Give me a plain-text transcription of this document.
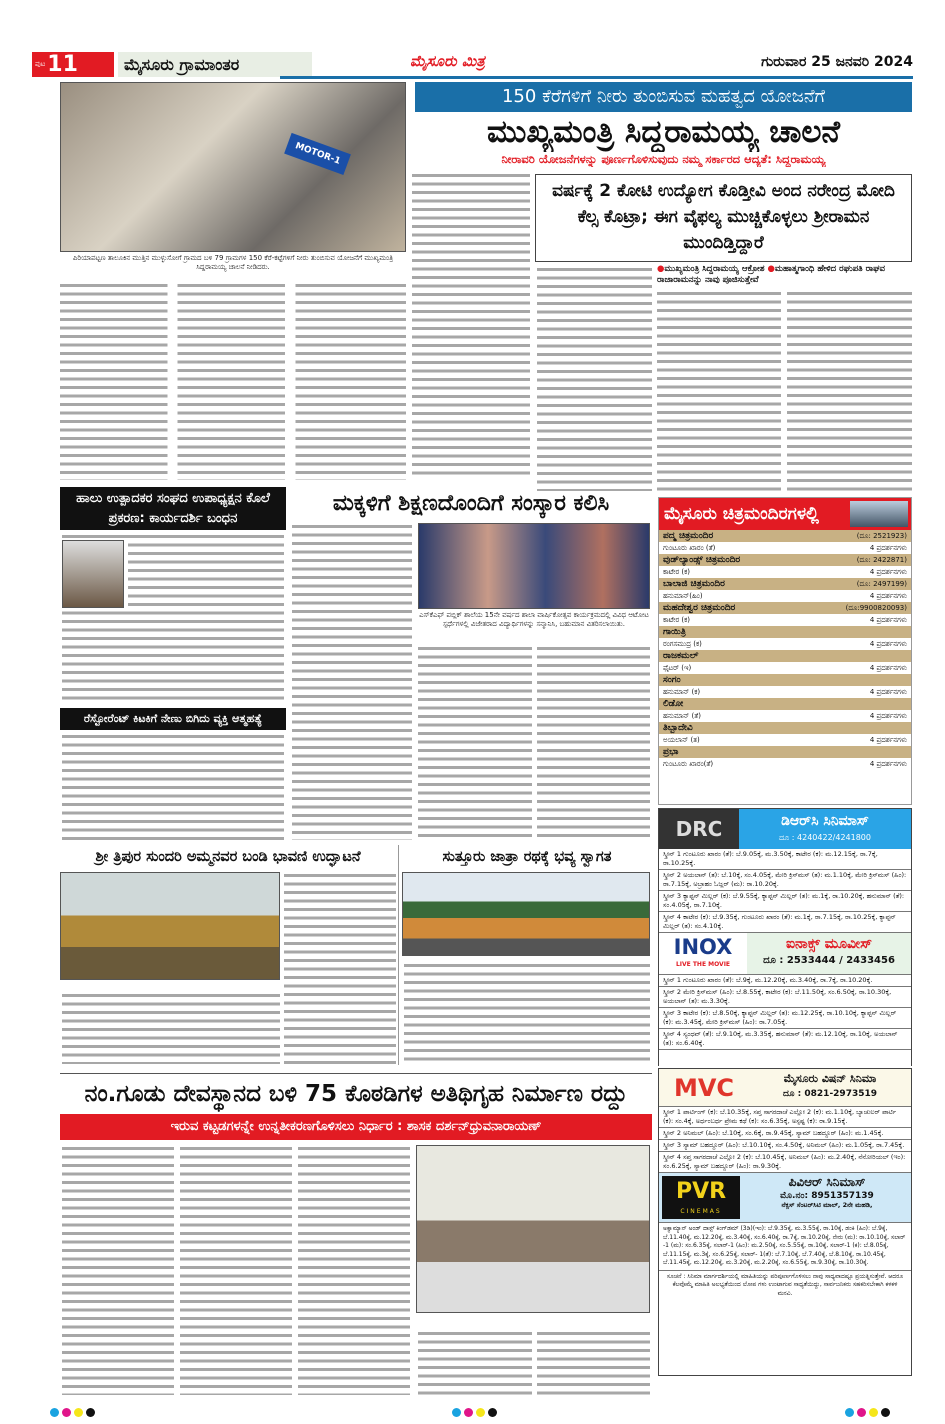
ಪುಟ 11	ಮೈಸೂರು ಗ್ರಾಮಾಂತರ	ಮೈಸೂರು ಮಿತ್ರ	ಗುರುವಾರ 25 ಜನವರಿ 2024
MOTOR-1
ಪಿರಿಯಾಪಟ್ಟಣ ತಾಲೂಕಿನ ಮುತ್ತಿನ ಮುಳ್ಳುಸೋಗೆ ಗ್ರಾಮದ ಬಳಿ 79 ಗ್ರಾಮಗಳ 150 ಕೆರೆ-ಕಟ್ಟೆಗಳಿಗೆ ನೀರು ತುಂಬಿಸುವ ಯೋಜನೆಗೆ ಮುಖ್ಯಮಂತ್ರಿ ಸಿದ್ದರಾಮಯ್ಯ ಚಾಲನೆ ನೀಡಿದರು.
150 ಕೆರೆಗಳಿಗೆ ನೀರು ತುಂಬಿಸುವ ಮಹತ್ವದ ಯೋಜನೆಗೆ
ಮುಖ್ಯಮಂತ್ರಿ ಸಿದ್ದರಾಮಯ್ಯ ಚಾಲನೆ
ನೀರಾವರಿ ಯೋಜನೆಗಳನ್ನು ಪೂರ್ಣಗೊಳಿಸುವುದು ನಮ್ಮ ಸರ್ಕಾರದ ಆದ್ಯತೆ: ಸಿದ್ದರಾಮಯ್ಯ
ವರ್ಷಕ್ಕೆ 2 ಕೋಟಿ ಉದ್ಯೋಗ ಕೊಡ್ತೀವಿ ಅಂದ ನರೇಂದ್ರ ಮೋದಿ ಕೆಲ್ಸ ಕೊಟ್ರಾ; ಈಗ ವೈಫಲ್ಯ ಮುಚ್ಚಿಕೊಳ್ಳಲು ಶ್ರೀರಾಮನ ಮುಂದಿಡ್ತಿದ್ದಾರೆ
●ಮುಖ್ಯಮಂತ್ರಿ ಸಿದ್ದರಾಮಯ್ಯ ಆಕ್ರೋಶ ●ಮಹಾತ್ಮಗಾಂಧಿ ಹೇಳಿದ ರಘುಪತಿ ರಾಘವ ರಾಜಾರಾಮನನ್ನು ನಾವು ಪೂಜಿಸುತ್ತೇವೆ
ಹಾಲು ಉತ್ಪಾದಕರ ಸಂಘದ ಉಪಾಧ್ಯಕ್ಷನ ಕೊಲೆ ಪ್ರಕರಣ: ಕಾರ್ಯದರ್ಶಿ ಬಂಧನ
ರೆಸ್ಟೋರೆಂಟ್ ಕಿಟಕಿಗೆ ನೇಣು ಬಿಗಿದು ವ್ಯಕ್ತಿ ಆತ್ಮಹತ್ಯೆ
ಮಕ್ಕಳಿಗೆ ಶಿಕ್ಷಣದೊಂದಿಗೆ ಸಂಸ್ಕಾರ ಕಲಿಸಿ
ಎಸ್‌ಕೆಎಫ್ ಪಬ್ಲಿಕ್ ಶಾಲೆಯ 15ನೇ ವರ್ಷದ ಶಾಲಾ ವಾರ್ಷಿಕೋತ್ಸವ ಕಾರ್ಯಕ್ರಮದಲ್ಲಿ ವಿವಿಧ ಆಟೋಟ ಸ್ಪರ್ಧೆಗಳಲ್ಲಿ ವಿಜೇತರಾದ ವಿದ್ಯಾರ್ಥಿಗಳನ್ನು ಸನ್ಮಾನಿಸಿ, ಬಹುಮಾನ ವಿತರಿಸಲಾಯಿತು.
ಶ್ರೀ ತ್ರಿಪುರ ಸುಂದರಿ ಅಮ್ಮನವರ ಬಂಡಿ ಭಾವಣಿ ಉದ್ಘಾಟನೆ	ಸುತ್ತೂರು ಜಾತ್ರಾ ರಥಕ್ಕೆ ಭವ್ಯ ಸ್ವಾಗತ
ನಂ.ಗೂಡು ದೇವಸ್ಥಾನದ ಬಳಿ 75 ಕೊಠಡಿಗಳ ಅತಿಥಿಗೃಹ ನಿರ್ಮಾಣ ರದ್ದು
ಇರುವ ಕಟ್ಟಡಗಳನ್ನೇ ಉನ್ನತೀಕರಣಗೊಳಿಸಲು ನಿರ್ಧಾರ : ಶಾಸಕ ದರ್ಶನ್‌ಧ್ರುವನಾರಾಯಣ್
ಮೈಸೂರು ಚಿತ್ರಮಂದಿರಗಳಲ್ಲಿ
ಪದ್ಮ ಚಿತ್ರಮಂದಿರ	(ದೂ: 2521923)
ಗುಂಟೂರು ಖಾರಂ (ತೆ)	4 ಪ್ರದರ್ಶನಗಳು
ವುಡ್‌ಲ್ಯಾಂಡ್ಸ್ ಚಿತ್ರಮಂದಿರ	(ದೂ: 2422871)
ಕಾಟೇರ (ಕ)	4 ಪ್ರದರ್ಶನಗಳು
ಬಾಲಾಜಿ ಚಿತ್ರಮಂದಿರ	(ದೂ: 2497199)
ಹನುಮಾನ್(ಹಿಂ)	4 ಪ್ರದರ್ಶನಗಳು
ಮಹದೇಶ್ವರ ಚಿತ್ರಮಂದಿರ	(ದೂ:9900820093)
ಕಾಟೇರ (ಕ)	4 ಪ್ರದರ್ಶನಗಳು
ಗಾಯಿತ್ರಿ
ರಂಗಸಮುದ್ರ (ಕ)	4 ಪ್ರದರ್ಶನಗಳು
ರಾಜಕಮಲ್
ಫೈಟರ್ (ಇ)	4 ಪ್ರದರ್ಶನಗಳು
ಸಂಗಂ
ಹನುಮಾನ್ (ಕ)	4 ಪ್ರದರ್ಶನಗಳು
ಲಿಡೋ
ಹನುಮಾನ್ (ತೆ)	4 ಪ್ರದರ್ಶನಗಳು
ತಿಬ್ಬಾದೇವಿ
ಅಯಲಾನ್ (ತ)	4 ಪ್ರದರ್ಶನಗಳು
ಪ್ರಭಾ
ಗುಂಟೂರು ಖಾರಂ(ತೆ)	4 ಪ್ರದರ್ಶನಗಳು
DRC	ಡಿಆರ್‌ಸಿ ಸಿನಿಮಾಸ್
ದೂ : 4240422/4241800
ಸ್ಕ್ರೀನ್ 1 ಗುಂಟೂರು ಖಾರಂ (ತೆ): ಬೆ.9.05ಕ್ಕೆ, ಮ.3.50ಕ್ಕೆ, ಕಾಟೇರ (ಕ): ಮ.12.15ಕ್ಕೆ, ರಾ.7ಕ್ಕೆ, ರಾ.10.25ಕ್ಕೆ.
ಸ್ಕ್ರೀನ್ 2 ಅಯಲಾನ್ (ತ): ಬೆ.10ಕ್ಕೆ, ಸಂ.4.05ಕ್ಕೆ, ಮೇರಿ ಕ್ರಿಸ್‌ಮಸ್ (ತ): ಮ.1.10ಕ್ಕೆ, ಮೇರಿ ಕ್ರಿಸ್‌ಮಸ್ (ಹಿಂ): ರಾ.7.15ಕ್ಕೆ, ಅಬ್ರಾಹಂ ಓಜ್ಲರ್ (ಮ): ರಾ.10.20ಕ್ಕೆ.
ಸ್ಕ್ರೀನ್ 3 ಕ್ಯಾಪ್ಟನ್ ಮಿಲ್ಲರ್ (ಕ): ಬೆ.9.55ಕ್ಕೆ, ಕ್ಯಾಪ್ಟನ್ ಮಿಲ್ಲರ್ (ತ): ಮ.1ಕ್ಕೆ, ರಾ.10.20ಕ್ಕೆ, ಹನುಮಾನ್ (ತೆ): ಸಂ.4.05ಕ್ಕೆ, ರಾ.7.10ಕ್ಕೆ.
ಸ್ಕ್ರೀನ್ 4 ಕಾಟೇರ (ಕ): ಬೆ.9.35ಕ್ಕೆ, ಗುಂಟೂರು ಖಾರಂ (ತೆ): ಮ.1ಕ್ಕೆ, ರಾ.7.15ಕ್ಕೆ, ರಾ.10.25ಕ್ಕೆ, ಕ್ಯಾಪ್ಟನ್ ಮಿಲ್ಲರ್ (ತ): ಸಂ.4.10ಕ್ಕೆ.
INOX
LIVE THE MOVIE
ಐನಾಕ್ಸ್ ಮೂವೀಸ್
ದೂ : 2533444 / 2433456
ಸ್ಕ್ರೀನ್ 1 ಗುಂಟೂರು ಖಾರಂ (ತೆ): ಬೆ.9ಕ್ಕೆ, ಮ.12.20ಕ್ಕೆ, ಮ.3.40ಕ್ಕೆ, ರಾ.7ಕ್ಕೆ, ರಾ.10.20ಕ್ಕೆ.
ಸ್ಕ್ರೀನ್ 2 ಮೇರಿ ಕ್ರಿಸ್‌ಮಸ್ (ಹಿಂ): ಬೆ.8.55ಕ್ಕೆ, ಕಾಟೇರ (ಕ): ಬೆ.11.50ಕ್ಕೆ, ಸಂ.6.50ಕ್ಕೆ, ರಾ.10.30ಕ್ಕೆ, ಅಯಲಾನ್ (ತ): ಮ.3.30ಕ್ಕೆ.
ಸ್ಕ್ರೀನ್ 3 ಕಾಟೇರ (ಕ): ಬೆ.8.50ಕ್ಕೆ, ಕ್ಯಾಪ್ಟನ್ ಮಿಲ್ಲರ್ (ತ): ಮ.12.25ಕ್ಕೆ, ರಾ.10.10ಕ್ಕೆ, ಕ್ಯಾಪ್ಟನ್ ಮಿಲ್ಲರ್ (ಕ): ಮ.3.45ಕ್ಕೆ, ಮೇರಿ ಕ್ರಿಸ್‌ಮಸ್ (ಹಿಂ): ರಾ.7.05ಕ್ಕೆ.
ಸ್ಕ್ರೀನ್ 4 ಸ್ಯಂಧವ್ (ತೆ): ಬೆ.9.10ಕ್ಕೆ, ಮ.3.35ಕ್ಕೆ, ಹನುಮಾನ್ (ತೆ): ಮ.12.10ಕ್ಕೆ, ರಾ.10ಕ್ಕೆ, ಅಯಲಾನ್ (ತ): ಸಂ.6.40ಕ್ಕೆ.
MVC	ಮೈಸೂರು ವಿಷನ್ ಸಿನಿಮಾ
ದೂ : 0821-2973519
ಸ್ಕ್ರೀನ್ 1 ಪಾರ್ಟಿಂಗ್ (ಕ): ಬೆ.10.35ಕ್ಕೆ, ಸಪ್ತ ಸಾಗರದಾಚೆ ಎಲ್ಲೋ 2 (ಕ): ಮ.1.10ಕ್ಕೆ, ಬ್ಯಾಚುಲರ್ ಪಾರ್ಟಿ (ಕ): ಸಂ.4ಕ್ಕೆ, ಅರ್ಧಂಬರ್ಧ ಪ್ರೇಮ ಕಥೆ (ಕ): ಸಂ.6.35ಕ್ಕೆ, ಅಸ್ಪಷ್ಟ (ಕ): ರಾ.9.15ಕ್ಕೆ.
ಸ್ಕ್ರೀನ್ 2 ಅನಿಮಲ್ (ಹಿಂ): ಬೆ.10ಕ್ಕೆ, ಸಂ.6ಕ್ಕೆ, ರಾ.9.45ಕ್ಕೆ, ಸ್ಯಾಮ್ ಬಹದ್ದೂರ್ (ಹಿಂ): ಮ.1.45ಕ್ಕೆ.
ಸ್ಕ್ರೀನ್ 3 ಸ್ಯಾಮ್ ಬಹದ್ದೂರ್ (ಹಿಂ): ಬೆ.10.10ಕ್ಕೆ, ಸಂ.4.50ಕ್ಕೆ, ಅನಿಮಲ್ (ಹಿಂ): ಮ.1.05ಕ್ಕೆ, ರಾ.7.45ಕ್ಕೆ.
ಸ್ಕ್ರೀನ್ 4 ಸಪ್ತ ಸಾಗರದಾಚೆ ಎಲ್ಲೋ 2 (ಕ): ಬೆ.10.45ಕ್ಕೆ, ಅನಿಮಲ್ (ಹಿಂ): ಮ.2.40ಕ್ಕೆ, ನೆನೋರಿಯಲ್ (ಇಂ): ಸಂ.6.25ಕ್ಕೆ, ಸ್ಯಾಮ್ ಬಹದ್ದೂರ್ (ಹಿಂ): ರಾ.9.30ಕ್ಕೆ.
PVR
CINEMAS
ಪಿವಿಆರ್ ಸಿನಿಮಾಸ್
ಮೊ.ನಂ: 8951357139
ನೆಕ್ಸಸ್ ಸೆಂಟರ್‌ಸಿಟಿ ಮಾಲ್, 2ನೇ ಮಹಡಿ,
ಅಕ್ವಾಮ್ಯಾನ್ ಅಂಡ್ ದಾಸ್ಟ್ ಕಿಂಗ್‌ಡಮ್ (3ಡಿ)(ಇಂ): ಬೆ.9.35ಕ್ಕೆ, ಮ.3.55ಕ್ಕೆ, ರಾ.10ಕ್ಕೆ, ಡಂಕಿ (ಹಿಂ): ಬೆ.9ಕ್ಕೆ, ಬೆ.11.40ಕ್ಕೆ, ಮ.12.20ಕ್ಕೆ, ಮ.3.40ಕ್ಕೆ, ಸಂ.6.40ಕ್ಕೆ, ರಾ.7ಕ್ಕೆ, ರಾ.10.20ಕ್ಕೆ, ನೇರು (ಮ): ರಾ.10.10ಕ್ಕೆ, ಸಲಾರ್ -1 (ಮ): ಸಂ.6.35ಕ್ಕೆ, ಸಲಾರ್-1 (ಹಿಂ): ಮ.2.50ಕ್ಕೆ, ಸಂ.5.55ಕ್ಕೆ, ರಾ.10ಕ್ಕೆ, ಸಲಾರ್-1 (ಕ): ಬೆ.8.05ಕ್ಕೆ, ಬೆ.11.15ಕ್ಕೆ, ಮ.3ಕ್ಕೆ, ಸಂ.6.25ಕ್ಕೆ, ಸಲಾರ್- 1(ತೆ): ಬೆ.7.10ಕ್ಕೆ, ಬೆ.7.40ಕ್ಕೆ, ಬೆ.8.10ಕ್ಕೆ, ರಾ.10.45ಕ್ಕೆ, ಬೆ.11.45ಕ್ಕೆ, ಮ.12.20ಕ್ಕೆ, ಮ.3.20ಕ್ಕೆ, ಮ.2.20ಕ್ಕೆ, ಸಂ.6.55ಕ್ಕೆ, ರಾ.9.30ಕ್ಕೆ, ರಾ.10.30ಕ್ಕೆ.
ಸೂಚನೆ : ಸಿನಿಮಾ ಮಾರ್ಗದರ್ಶಿಯಲ್ಲಿ ಮಾಹಿತಿಯನ್ನು ಪರಿಪೂರ್ಣಗೊಳಿಸಲು ನಾವು ಸಾಧ್ಯವಾದಷ್ಟೂ ಪ್ರಯತ್ನಿಸುತ್ತೇವೆ. ಆದರೂ ಕೆಲವೊಮ್ಮೆ ಮಾಹಿತಿ ಅಲಭ್ಯತೆಯಿಂದ ಲೋಪ ಗಳು ಉಂಟಾಗುವ ಸಾಧ್ಯತೆಯಿದ್ದು, ಸಾರ್ವಜನಿಕರು ಸಹಕರಿಸಬೇಕಾಗಿ ಕಳಕಳಿ ಮನವಿ.
